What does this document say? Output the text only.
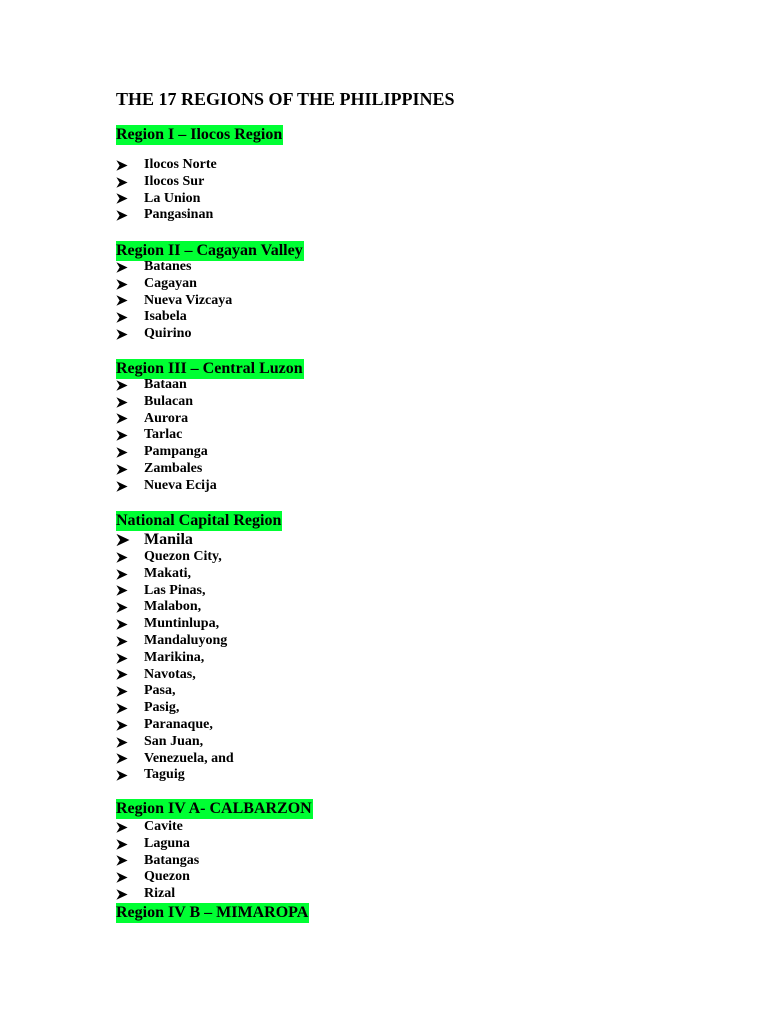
THE 17 REGIONS OF THE PHILIPPINES
Region I – Ilocos Region
Ilocos Norte
Ilocos Sur
La Union
Pangasinan
Region II – Cagayan Valley
Batanes
Cagayan
Nueva Vizcaya
Isabela
Quirino
Region III – Central Luzon
Bataan
Bulacan
Aurora
Tarlac
Pampanga
Zambales
Nueva Ecija
National Capital Region
Manila
Quezon City,
Makati,
Las Pinas,
Malabon,
Muntinlupa,
Mandaluyong
Marikina,
Navotas,
Pasa,
Pasig,
Paranaque,
San Juan,
Venezuela, and
Taguig
Region IV A- CALBARZON
Cavite
Laguna
Batangas
Quezon
Rizal
Region IV B – MIMAROPA
